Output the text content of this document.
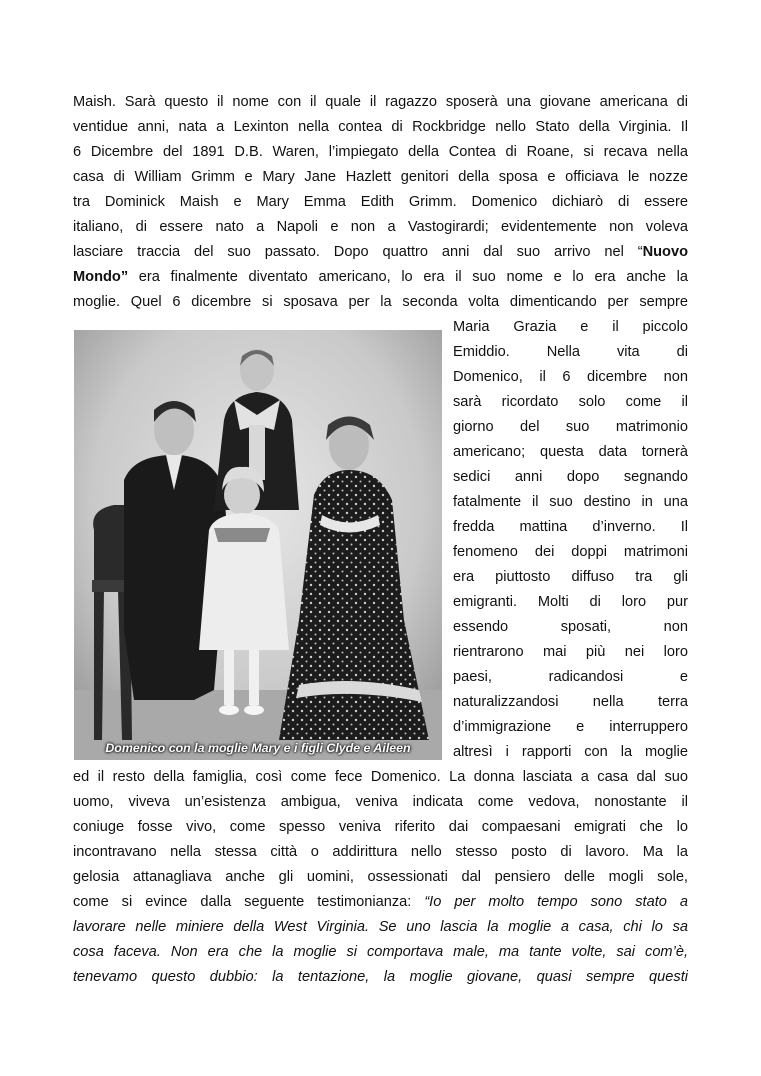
Maish. Sarà questo il nome con il quale il ragazzo sposerà una giovane americana di
ventidue anni, nata a Lexinton nella contea di Rockbridge nello Stato della Virginia. Il
6 Dicembre del 1891 D.B. Waren, l’impiegato della Contea di Roane, si recava nella
casa di William Grimm e Mary Jane Hazlett genitori della sposa e officiava le nozze
tra Dominick Maish e Mary Emma Edith Grimm. Domenico dichiarò di essere
italiano, di essere nato a Napoli e non a Vastogirardi; evidentemente non voleva
lasciare traccia del suo passato. Dopo quattro anni dal suo arrivo nel “Nuovo
Mondo” era finalmente diventato americano, lo era il suo nome e lo era anche la
moglie. Quel 6 dicembre si sposava per la seconda volta dimenticando per sempre
Domenico con la moglie Mary e i figli Clyde e Aileen
Maria Grazia e il piccolo
Emiddio. Nella vita di
Domenico, il 6 dicembre non
sarà ricordato solo come il
giorno del suo matrimonio
americano; questa data tornerà
sedici anni dopo segnando
fatalmente il suo destino in una
fredda mattina d’inverno. Il
fenomeno dei doppi matrimoni
era piuttosto diffuso tra gli
emigranti. Molti di loro pur
essendo sposati, non
rientrarono mai più nei loro
paesi, radicandosi e
naturalizzandosi nella terra
d’immigrazione e interruppero
altresì i rapporti con la moglie
ed il resto della famiglia, così come fece Domenico. La donna lasciata a casa dal suo
uomo, viveva un’esistenza ambigua, veniva indicata come vedova, nonostante il
coniuge fosse vivo, come spesso veniva riferito dai compaesani emigrati che lo
incontravano nella stessa città o addirittura nello stesso posto di lavoro. Ma la
gelosia attanagliava anche gli uomini, ossessionati dal pensiero delle mogli sole,
come si evince dalla seguente testimonianza: “Io per molto tempo sono stato a
lavorare nelle miniere della West Virginia. Se uno lascia la moglie a casa, chi lo sa
cosa faceva. Non era che la moglie si comportava male, ma tante volte, sai com’è,
tenevamo questo dubbio: la tentazione, la moglie giovane, quasi sempre questi
